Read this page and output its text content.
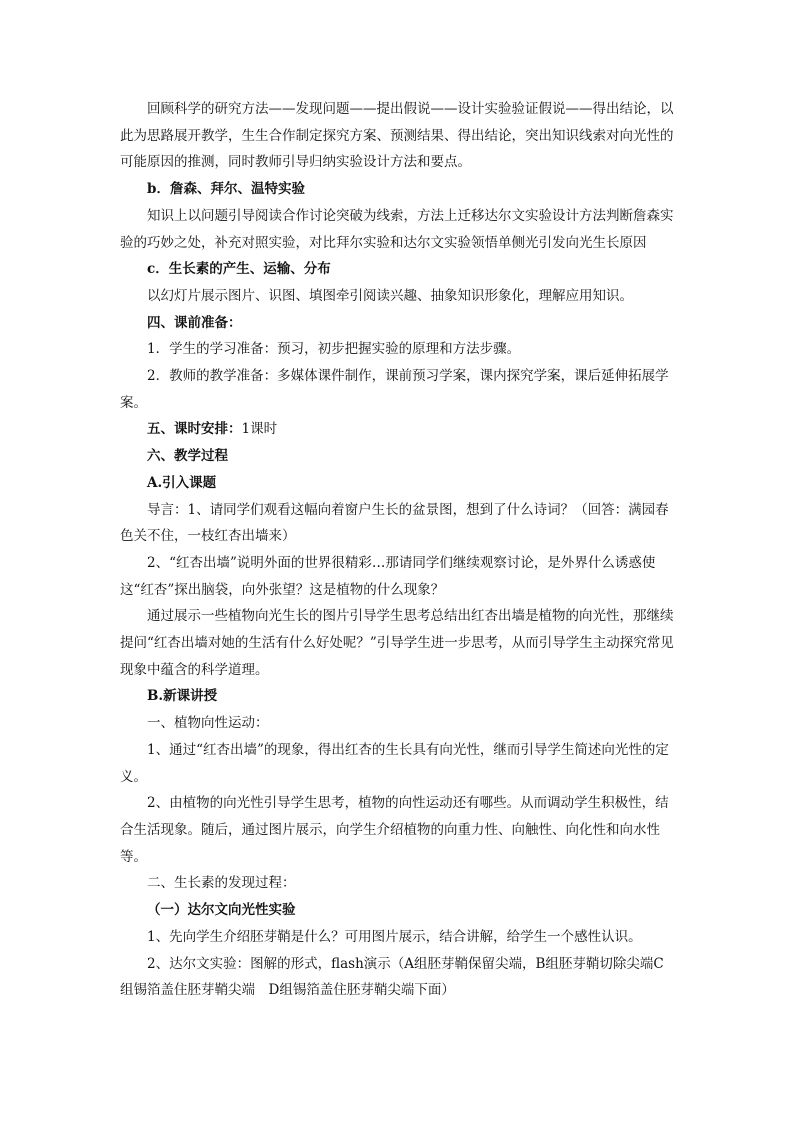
回顾科学的研究方法——发现问题——提出假说——设计实验验证假说——得出结论，以此为思路展开教学，生生合作制定探究方案、预测结果、得出结论，突出知识线索对向光性的可能原因的推测，同时教师引导归纳实验设计方法和要点。

b．詹森、拜尔、温特实验

知识上以问题引导阅读合作讨论突破为线索，方法上迁移达尔文实验设计方法判断詹森实验的巧妙之处，补充对照实验，对比拜尔实验和达尔文实验领悟单侧光引发向光生长原因

c．生长素的产生、运输、分布

以幻灯片展示图片、识图、填图牵引阅读兴趣、抽象知识形象化，理解应用知识。

四、课前准备：

1．学生的学习准备：预习，初步把握实验的原理和方法步骤。

2．教师的教学准备：多媒体课件制作，课前预习学案，课内探究学案，课后延伸拓展学案。

五、课时安排：1课时

六、教学过程

A.引入课题

导言：1、请同学们观看这幅向着窗户生长的盆景图，想到了什么诗词？（回答：满园春色关不住，一枝红杏出墙来）

2、“红杏出墙”说明外面的世界很精彩…那请同学们继续观察讨论，是外界什么诱惑使这“红杏”探出脑袋，向外张望？这是植物的什么现象？

通过展示一些植物向光生长的图片引导学生思考总结出红杏出墙是植物的向光性，那继续提问“红杏出墙对她的生活有什么好处呢？”引导学生进一步思考，从而引导学生主动探究常见现象中蕴含的科学道理。

B.新课讲授

一、植物向性运动：

1、通过“红杏出墙”的现象，得出红杏的生长具有向光性，继而引导学生简述向光性的定义。

2、由植物的向光性引导学生思考，植物的向性运动还有哪些。从而调动学生积极性，结合生活现象。随后，通过图片展示，向学生介绍植物的向重力性、向触性、向化性和向水性等。

二、生长素的发现过程：

（一）达尔文向光性实验

1、先向学生介绍胚芽鞘是什么？可用图片展示，结合讲解，给学生一个感性认识。

2、达尔文实验：图解的形式，flash演示（A组胚芽鞘保留尖端，B组胚芽鞘切除尖端C组锡箔盖住胚芽鞘尖端　D组锡箔盖住胚芽鞘尖端下面）
